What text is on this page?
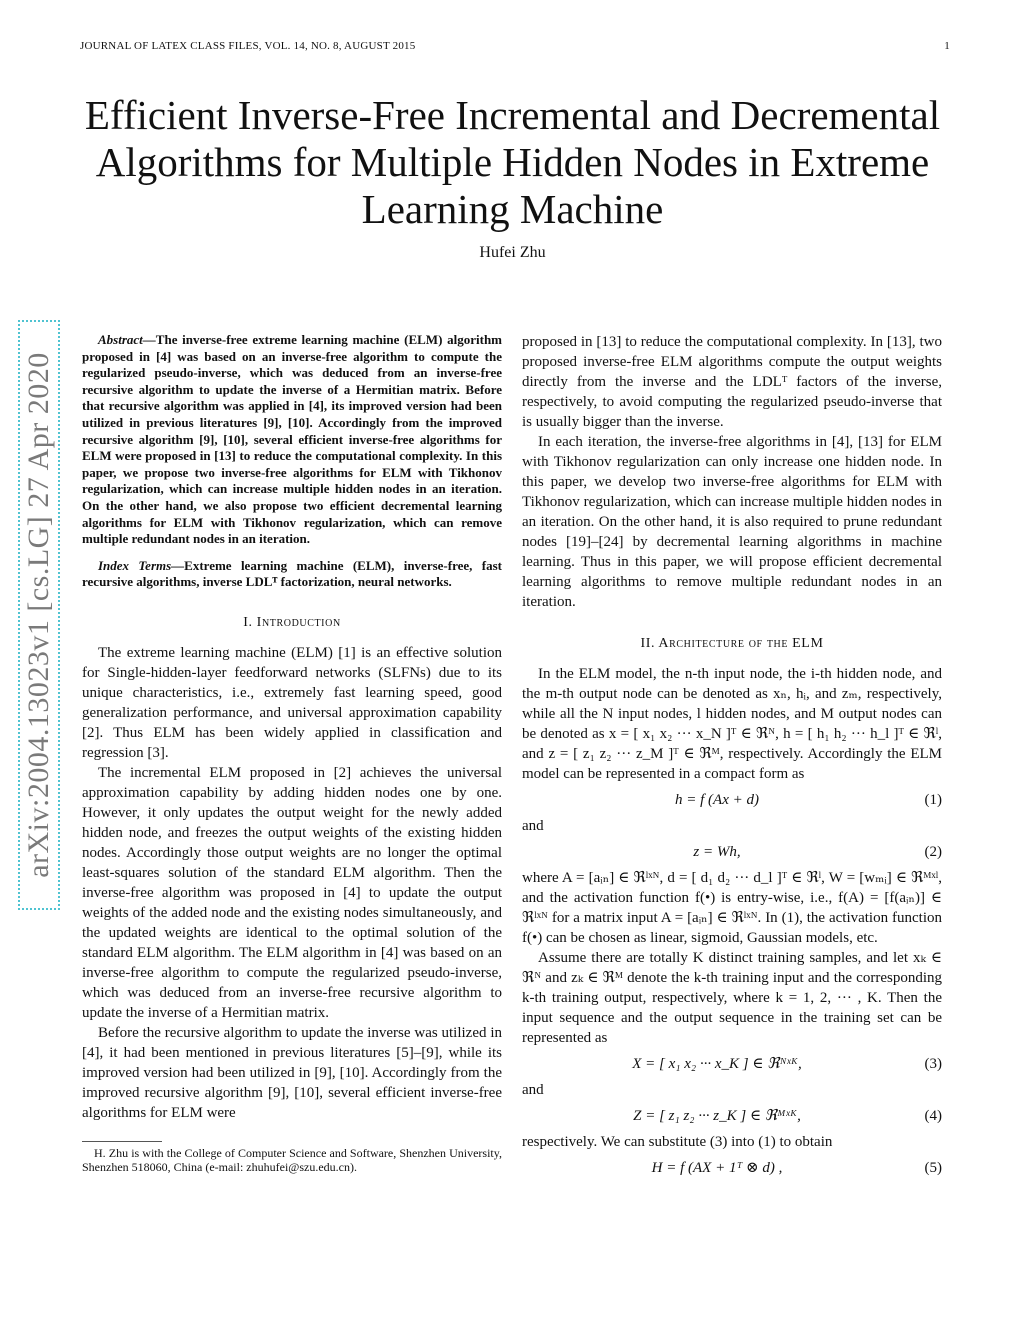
JOURNAL OF LATEX CLASS FILES, VOL. 14, NO. 8, AUGUST 2015	1
arXiv:2004.13023v1 [cs.LG] 27 Apr 2020
Efficient Inverse-Free Incremental and Decremental Algorithms for Multiple Hidden Nodes in Extreme Learning Machine
Hufei Zhu

Abstract—The inverse-free extreme learning machine (ELM) algorithm proposed in [4] was based on an inverse-free algorithm to compute the regularized pseudo-inverse, which was deduced from an inverse-free recursive algorithm to update the inverse of a Hermitian matrix. Before that recursive algorithm was applied in [4], its improved version had been utilized in previous literatures [9], [10]. Accordingly from the improved recursive algorithm [9], [10], several efficient inverse-free algorithms for ELM were proposed in [13] to reduce the computational complexity. In this paper, we propose two inverse-free algorithms for ELM with Tikhonov regularization, which can increase multiple hidden nodes in an iteration. On the other hand, we also propose two efficient decremental learning algorithms for ELM with Tikhonov regularization, which can remove multiple redundant nodes in an iteration.

Index Terms—Extreme learning machine (ELM), inverse-free, fast recursive algorithms, inverse LDLᵀ factorization, neural networks.

I. Introduction

The extreme learning machine (ELM) [1] is an effective solution for Single-hidden-layer feedforward networks (SLFNs) due to its unique characteristics, i.e., extremely fast learning speed, good generalization performance, and universal approximation capability [2]. Thus ELM has been widely applied in classification and regression [3].

The incremental ELM proposed in [2] achieves the universal approximation capability by adding hidden nodes one by one. However, it only updates the output weight for the newly added hidden node, and freezes the output weights of the existing hidden nodes. Accordingly those output weights are no longer the optimal least-squares solution of the standard ELM algorithm. Then the inverse-free algorithm was proposed in [4] to update the output weights of the added node and the existing nodes simultaneously, and the updated weights are identical to the optimal solution of the standard ELM algorithm. The ELM algorithm in [4] was based on an inverse-free algorithm to compute the regularized pseudo-inverse, which was deduced from an inverse-free recursive algorithm to update the inverse of a Hermitian matrix.

Before the recursive algorithm to update the inverse was utilized in [4], it had been mentioned in previous literatures [5]–[9], while its improved version had been utilized in [9], [10]. Accordingly from the improved recursive algorithm [9], [10], several efficient inverse-free algorithms for ELM were

H. Zhu is with the College of Computer Science and Software, Shenzhen University, Shenzhen 518060, China (e-mail: zhuhufei@szu.edu.cn).

proposed in [13] to reduce the computational complexity. In [13], two proposed inverse-free ELM algorithms compute the output weights directly from the inverse and the LDLᵀ factors of the inverse, respectively, to avoid computing the regularized pseudo-inverse that is usually bigger than the inverse.

In each iteration, the inverse-free algorithms in [4], [13] for ELM with Tikhonov regularization can only increase one hidden node. In this paper, we develop two inverse-free algorithms for ELM with Tikhonov regularization, which can increase multiple hidden nodes in an iteration. On the other hand, it is also required to prune redundant nodes [19]–[24] by decremental learning algorithms in machine learning. Thus in this paper, we will propose efficient decremental learning algorithms to remove multiple redundant nodes in an iteration.

II. Architecture of the ELM

In the ELM model, the n-th input node, the i-th hidden node, and the m-th output node can be denoted as xₙ, hᵢ, and zₘ, respectively, while all the N input nodes, l hidden nodes, and M output nodes can be denoted as x = [ x₁ x₂ ··· x_N ]ᵀ ∈ ℜᴺ, h = [ h₁ h₂ ··· h_l ]ᵀ ∈ ℜˡ, and z = [ z₁ z₂ ··· z_M ]ᵀ ∈ ℜᴹ, respectively. Accordingly the ELM model can be represented in a compact form as

h = f (Ax + d)	(1)

and

z = Wh,	(2)

where A = [aᵢₙ] ∈ ℜˡˣᴺ, d = [ d₁ d₂ ··· d_l ]ᵀ ∈ ℜˡ, W = [wₘᵢ] ∈ ℜᴹˣˡ, and the activation function f(•) is entry-wise, i.e., f(A) = [f(aᵢₙ)] ∈ ℜˡˣᴺ for a matrix input A = [aᵢₙ] ∈ ℜˡˣᴺ. In (1), the activation function f(•) can be chosen as linear, sigmoid, Gaussian models, etc.

Assume there are totally K distinct training samples, and let xₖ ∈ ℜᴺ and zₖ ∈ ℜᴹ denote the k-th training input and the corresponding k-th training output, respectively, where k = 1, 2, ··· , K. Then the input sequence and the output sequence in the training set can be represented as

X = [ x₁ x₂ ··· x_K ] ∈ ℜᴺˣᴷ,	(3)

and

Z = [ z₁ z₂ ··· z_K ] ∈ ℜᴹˣᴷ,	(4)

respectively. We can substitute (3) into (1) to obtain

H = f (AX + 1ᵀ ⊗ d) ,	(5)
